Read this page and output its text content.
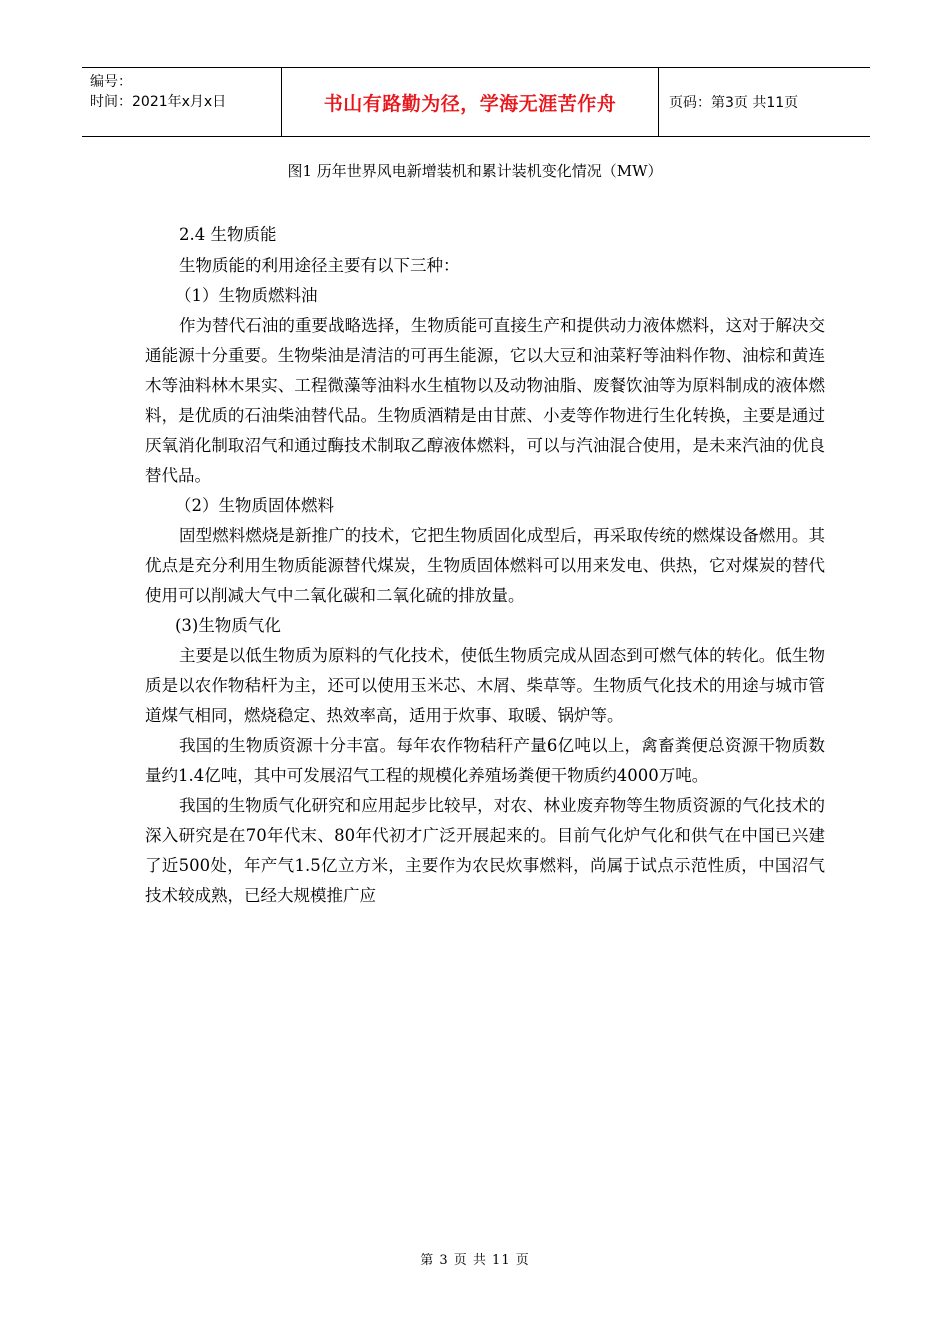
编号：
时间：2021年x月x日	书山有路勤为径，学海无涯苦作舟	页码：第3页 共11页
图1 历年世界风电新增装机和累计装机变化情况（MW）

2.4 生物质能

生物质能的利用途径主要有以下三种：

（1）生物质燃料油

作为替代石油的重要战略选择，生物质能可直接生产和提供动力液体燃料，这对于解决交通能源十分重要。生物柴油是清洁的可再生能源，它以大豆和油菜籽等油料作物、油棕和黄连木等油料林木果实、工程微藻等油料水生植物以及动物油脂、废餐饮油等为原料制成的液体燃料，是优质的石油柴油替代品。生物质酒精是由甘蔗、小麦等作物进行生化转换，主要是通过厌氧消化制取沼气和通过酶技术制取乙醇液体燃料，可以与汽油混合使用，是未来汽油的优良替代品。

（2）生物质固体燃料

固型燃料燃烧是新推广的技术，它把生物质固化成型后，再采取传统的燃煤设备燃用。其优点是充分利用生物质能源替代煤炭，生物质固体燃料可以用来发电、供热，它对煤炭的替代使用可以削减大气中二氧化碳和二氧化硫的排放量。

(3)生物质气化

主要是以低生物质为原料的气化技术，使低生物质完成从固态到可燃气体的转化。低生物质是以农作物秸杆为主，还可以使用玉米芯、木屑、柴草等。生物质气化技术的用途与城市管道煤气相同，燃烧稳定、热效率高，适用于炊事、取暖、锅炉等。

我国的生物质资源十分丰富。每年农作物秸秆产量6亿吨以上，禽畜粪便总资源干物质数量约1.4亿吨，其中可发展沼气工程的规模化养殖场粪便干物质约4000万吨。

我国的生物质气化研究和应用起步比较早，对农、林业废弃物等生物质资源的气化技术的深入研究是在70年代末、80年代初才广泛开展起来的。目前气化炉气化和供气在中国已兴建了近500处，年产气1.5亿立方米，主要作为农民炊事燃料，尚属于试点示范性质，中国沼气技术较成熟，已经大规模推广应

第 3 页 共 11 页
